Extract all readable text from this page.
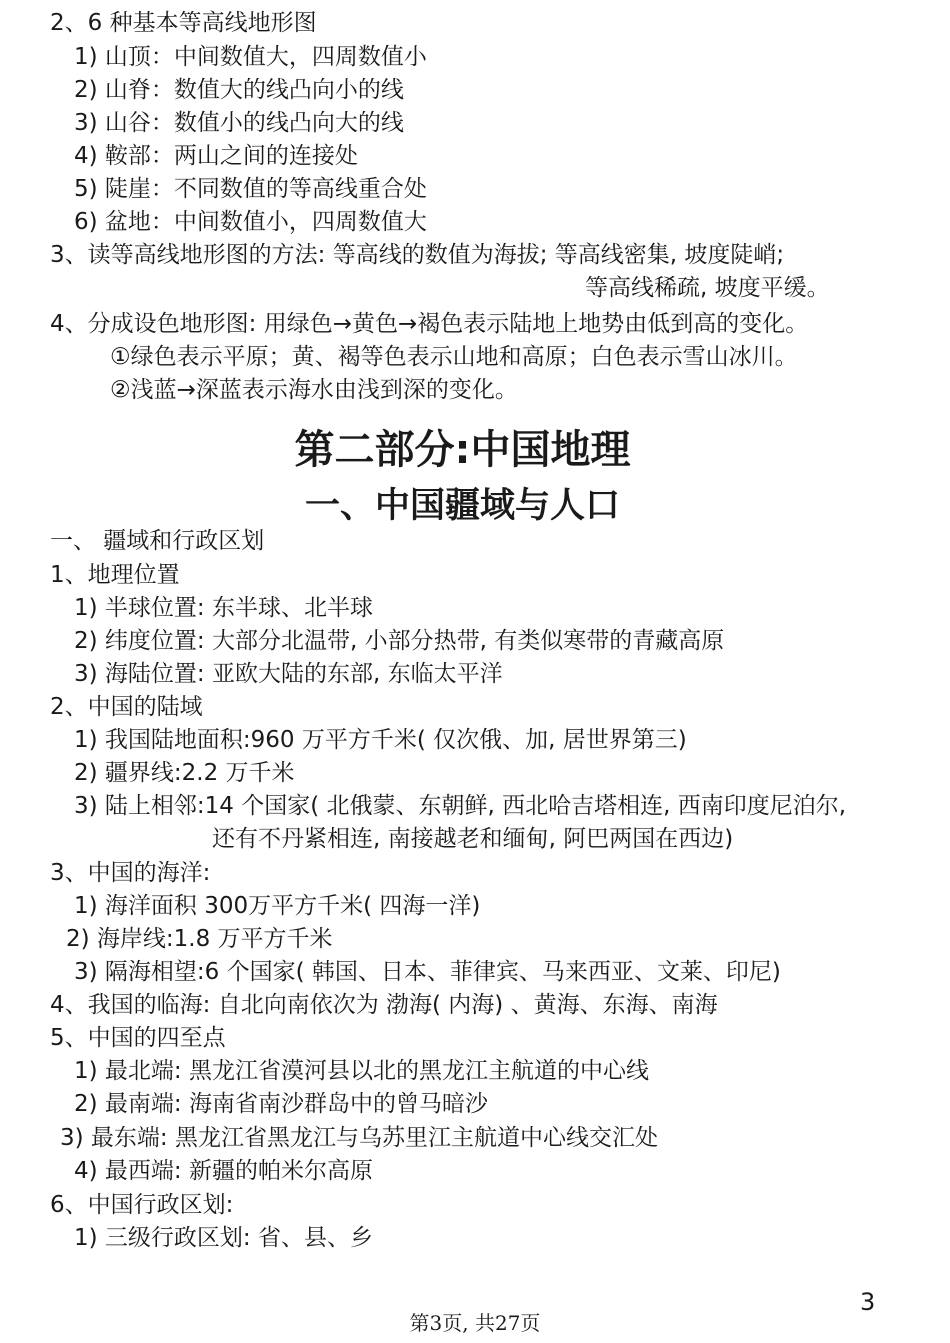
2、6 种基本等高线地形图
1) 山顶：中间数值大，四周数值小
2) 山脊：数值大的线凸向小的线
3) 山谷：数值小的线凸向大的线
4) 鞍部：两山之间的连接处
5) 陡崖：不同数值的等高线重合处
6) 盆地：中间数值小，四周数值大
3、读等高线地形图的方法: 等高线的数值为海拔; 等高线密集, 坡度陡峭;
等高线稀疏, 坡度平缓。
4、分成设色地形图: 用绿色→黄色→褐色表示陆地上地势由低到高的变化。
①绿色表示平原；黄、褐等色表示山地和高原；白色表示雪山冰川。
②浅蓝→深蓝表示海水由浅到深的变化。
第二部分:中国地理
一、中国疆域与人口
一、 疆域和行政区划
1、地理位置
1) 半球位置: 东半球、北半球
2) 纬度位置: 大部分北温带, 小部分热带, 有类似寒带的青藏高原
3) 海陆位置: 亚欧大陆的东部, 东临太平洋
2、中国的陆域
1) 我国陆地面积:960 万平方千米( 仅次俄、加, 居世界第三)
2) 疆界线:2.2 万千米
3) 陆上相邻:14 个国家( 北俄蒙、东朝鲜, 西北哈吉塔相连, 西南印度尼泊尔,
还有不丹紧相连, 南接越老和缅甸, 阿巴两国在西边)
3、中国的海洋:
1) 海洋面积 300万平方千米( 四海一洋)
2) 海岸线:1.8 万平方千米
3) 隔海相望:6 个国家( 韩国、日本、菲律宾、马来西亚、文莱、印尼)
4、我国的临海: 自北向南依次为 渤海( 内海) 、黄海、东海、南海
5、中国的四至点
1) 最北端: 黑龙江省漠河县以北的黑龙江主航道的中心线
2) 最南端: 海南省南沙群岛中的曾马暗沙
3) 最东端: 黑龙江省黑龙江与乌苏里江主航道中心线交汇处
4) 最西端: 新疆的帕米尔高原
6、中国行政区划:
1) 三级行政区划: 省、县、乡
3
第3页, 共27页
